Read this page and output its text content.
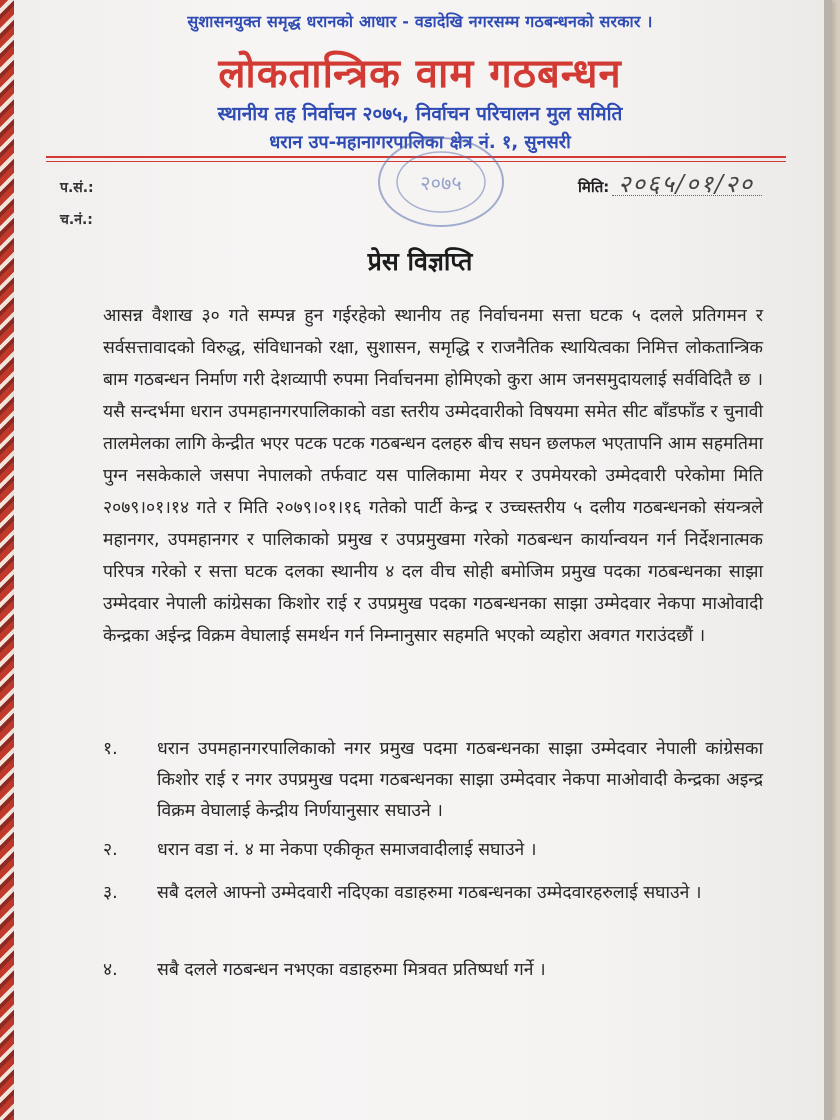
सुशासनयुक्त समृद्ध धरानको आधार - वडादेखि नगरसम्म गठबन्धनको सरकार ।
लोकतान्त्रिक वाम गठबन्धन
स्थानीय तह निर्वाचन २०७५, निर्वाचन परिचालन मुल समिति
धरान उप-महानागरपालिका क्षेत्र नं. १, सुनसरी
प.सं.:
च.नं.:
२०७५	मिति: २०६५/०१/२०
प्रेस विज्ञप्ति
आसन्न वैशाख ३० गते सम्पन्न हुन गईरहेको स्थानीय तह निर्वाचनमा सत्ता घटक ५ दलले प्रतिगमन र सर्वसत्तावादको विरुद्ध, संविधानको रक्षा, सुशासन, समृद्धि र राजनैतिक स्थायित्वका निमित्त लोकतान्त्रिक बाम गठबन्धन निर्माण गरी देशव्यापी रुपमा निर्वाचनमा होमिएको कुरा आम जनसमुदायलाई सर्वविदितै छ । यसै सन्दर्भमा धरान उपमहानगरपालिकाको वडा स्तरीय उम्मेदवारीको विषयमा समेत सीट बाँडफाँड र चुनावी तालमेलका लागि केन्द्रीत भएर पटक पटक गठबन्धन दलहरु बीच सघन छलफल भएतापनि आम सहमतिमा पुग्न नसकेकाले जसपा नेपालको तर्फवाट यस पालिकामा मेयर र उपमेयरको उम्मेदवारी परेकोमा मिति २०७९।०१।१४ गते र मिति २०७९।०१।१६ गतेको पार्टी केन्द्र र उच्चस्तरीय ५ दलीय गठबन्धनको संयन्त्रले महानगर, उपमहानगर र पालिकाको प्रमुख र उपप्रमुखमा गरेको गठबन्धन कार्यान्वयन गर्न निर्देशनात्मक परिपत्र गरेको र सत्ता घटक दलका स्थानीय ४ दल वीच सोही बमोजिम प्रमुख पदका गठबन्धनका साझा उम्मेदवार नेपाली कांग्रेसका किशोर राई र उपप्रमुख पदका गठबन्धनका साझा उम्मेदवार नेकपा माओवादी केन्द्रका अईन्द्र विक्रम वेघालाई समर्थन गर्न निम्नानुसार सहमति भएको व्यहोरा अवगत गराउंदछौं ।
१.	धरान उपमहानगरपालिकाको नगर प्रमुख पदमा गठबन्धनका साझा उम्मेदवार नेपाली कांग्रेसका किशोर राई र नगर उपप्रमुख पदमा गठबन्धनका साझा उम्मेदवार नेकपा माओवादी केन्द्रका अइन्द्र विक्रम वेघालाई केन्द्रीय निर्णयानुसार सघाउने ।
२.	धरान वडा नं. ४ मा नेकपा एकीकृत समाजवादीलाई सघाउने ।
३.	सबै दलले आफ्नो उम्मेदवारी नदिएका वडाहरुमा गठबन्धनका उम्मेदवारहरुलाई सघाउने ।
४.	सबै दलले गठबन्धन नभएका वडाहरुमा मित्रवत प्रतिष्पर्धा गर्ने ।
